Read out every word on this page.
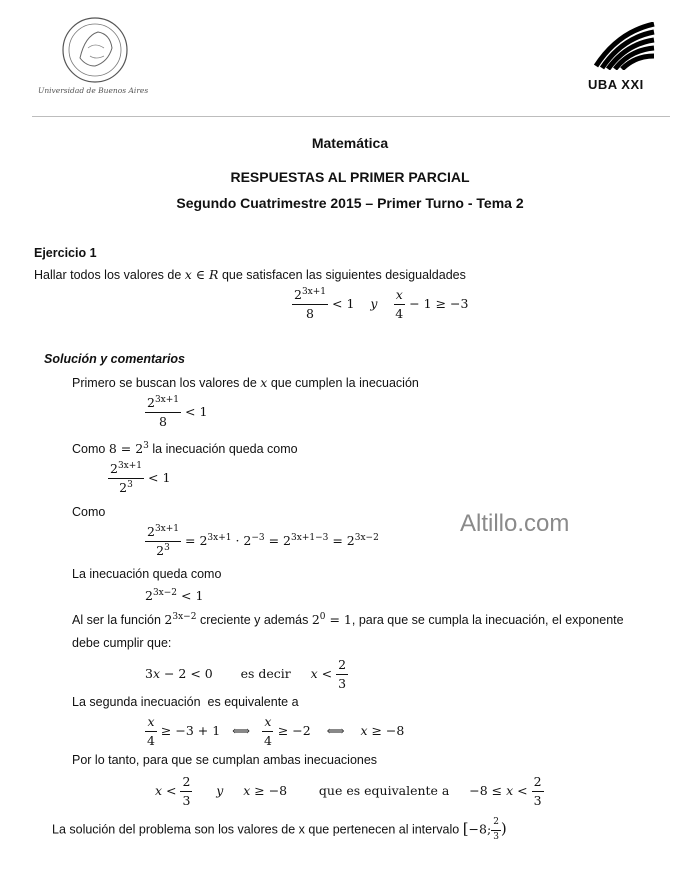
Universidad de Buenos Aires	UBA XXI
Matemática
RESPUESTAS AL PRIMER PARCIAL
Segundo Cuatrimestre 2015 – Primer Turno - Tema 2
Ejercicio 1
Hallar todos los valores de x ∈ R que satisfacen las siguientes desigualdades
$\frac{2^{3x+1}}{8} < 1$    y $\frac{x}{4} - 1 \ge -3$
Solución y comentarios
Primero se buscan los valores de x que cumplen la inecuación
$\frac{2^{3x+1}}{8} < 1$
Como $8 = 2^3$ la inecuación queda como
$\frac{2^{3x+1}}{2^3} < 1$
Como
$\frac{2^{3x+1}}{2^3} = 2^{3x+1} \cdot 2^{-3} = 2^{3x+1-3} = 2^{3x-2}$
Altillo.com
La inecuación queda como
$2^{3x-2} < 1$
Al ser la función $2^{3x-2}$ creciente y además $2^0 = 1$, para que se cumpla la inecuación, el exponente
debe cumplir que:
3x − 2 < 0       es decir $x < \frac{2}{3}$
La segunda inecuación  es equivalente a
$\frac{x}{4} \ge -3 + 1$   ⟺ $\frac{x}{4} \ge -2$    ⟺    x ≥ −8
Por lo tanto, para que se cumplan ambas inecuaciones
$x < \frac{2}{3}$ y x ≥ −8        que es equivalente a     $-8 \le x < \frac{2}{3}$
La solución del problema son los valores de x que pertenecen al intervalo [−8; $\frac{2}{3}$ )
